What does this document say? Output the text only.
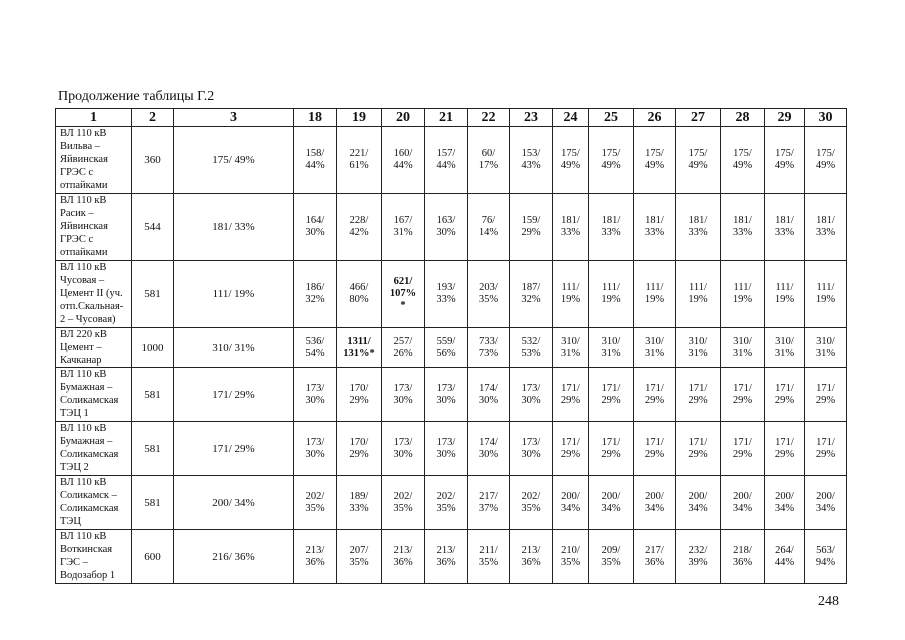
Продолжение таблицы Г.2
1	2	3	18	19	20	21	22	23	24	25	26	27	28	29	30

ВЛ 110 кВ
Вильва –
Яйвинская
ГРЭС с
отпайками	360	175/ 49%	158/
44%	221/
61%	160/
44%	157/
44%	60/
17%	153/
43%	175/
49%	175/
49%	175/
49%	175/
49%	175/
49%	175/
49%	175/
49%

ВЛ 110 кВ
Расик –
Яйвинская
ГРЭС с
отпайками	544	181/ 33%	164/
30%	228/
42%	167/
31%	163/
30%	76/
14%	159/
29%	181/
33%	181/
33%	181/
33%	181/
33%	181/
33%	181/
33%	181/
33%

ВЛ 110 кВ
Чусовая –
Цемент II (уч.
отп.Скальная-
2 – Чусовая)	581	111/ 19%	186/
32%	466/
80%	621/
107%
*	193/
33%	203/
35%	187/
32%	111/
19%	111/
19%	111/
19%	111/
19%	111/
19%	111/
19%	111/
19%

ВЛ 220 кВ
Цемент –
Качканар	1000	310/ 31%	536/
54%	1311/
131%*	257/
26%	559/
56%	733/
73%	532/
53%	310/
31%	310/
31%	310/
31%	310/
31%	310/
31%	310/
31%	310/
31%

ВЛ 110 кВ
Бумажная –
Соликамская
ТЭЦ 1	581	171/ 29%	173/
30%	170/
29%	173/
30%	173/
30%	174/
30%	173/
30%	171/
29%	171/
29%	171/
29%	171/
29%	171/
29%	171/
29%	171/
29%

ВЛ 110 кВ
Бумажная –
Соликамская
ТЭЦ 2	581	171/ 29%	173/
30%	170/
29%	173/
30%	173/
30%	174/
30%	173/
30%	171/
29%	171/
29%	171/
29%	171/
29%	171/
29%	171/
29%	171/
29%

ВЛ 110 кВ
Соликамск –
Соликамская
ТЭЦ	581	200/ 34%	202/
35%	189/
33%	202/
35%	202/
35%	217/
37%	202/
35%	200/
34%	200/
34%	200/
34%	200/
34%	200/
34%	200/
34%	200/
34%

ВЛ 110 кВ
Воткинская
ГЭС –
Водозабор 1	600	216/ 36%	213/
36%	207/
35%	213/
36%	213/
36%	211/
35%	213/
36%	210/
35%	209/
35%	217/
36%	232/
39%	218/
36%	264/
44%	563/
94%
248
